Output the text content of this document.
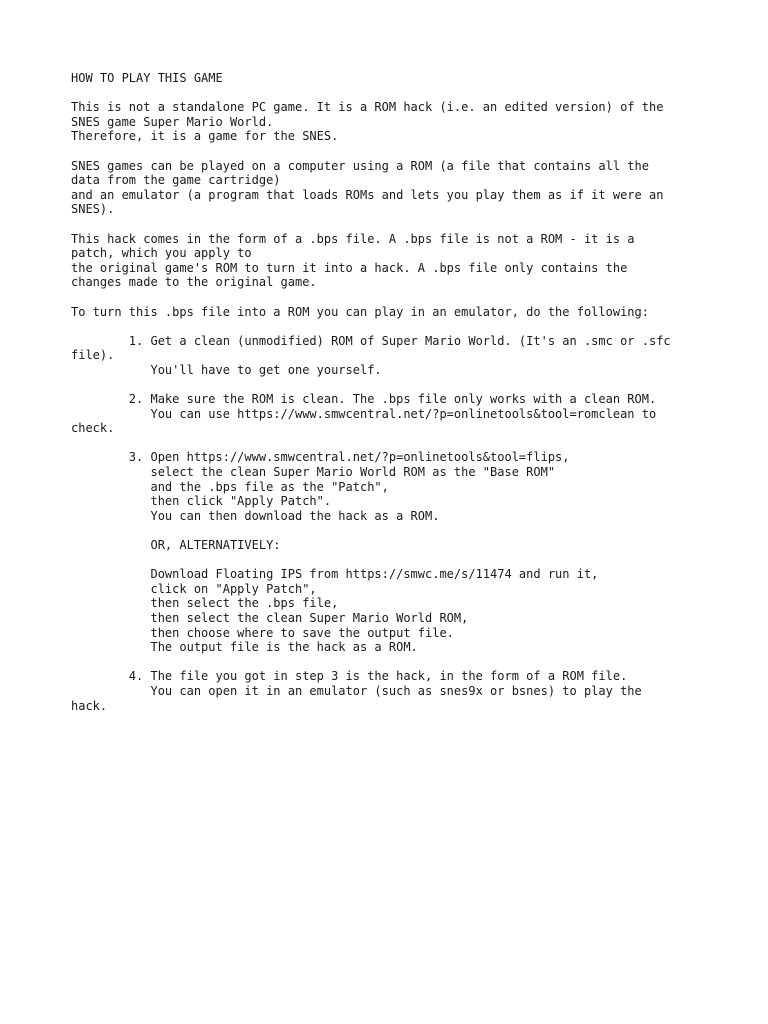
HOW TO PLAY THIS GAME
This is not a standalone PC game. It is a ROM hack (i.e. an edited version) of the
SNES game Super Mario World.
Therefore, it is a game for the SNES.
SNES games can be played on a computer using a ROM (a file that contains all the
data from the game cartridge)
and an emulator (a program that loads ROMs and lets you play them as if it were an
SNES).
This hack comes in the form of a .bps file. A .bps file is not a ROM - it is a
patch, which you apply to
the original game's ROM to turn it into a hack. A .bps file only contains the
changes made to the original game.
To turn this .bps file into a ROM you can play in an emulator, do the following:
1. Get a clean (unmodified) ROM of Super Mario World. (It's an .smc or .sfc
file).
You'll have to get one yourself.
2. Make sure the ROM is clean. The .bps file only works with a clean ROM.
You can use https://www.smwcentral.net/?p=onlinetools&tool=romclean to
check.
3. Open https://www.smwcentral.net/?p=onlinetools&tool=flips,
select the clean Super Mario World ROM as the "Base ROM"
and the .bps file as the "Patch",
then click "Apply Patch".
You can then download the hack as a ROM.
OR, ALTERNATIVELY:
Download Floating IPS from https://smwc.me/s/11474 and run it,
click on "Apply Patch",
then select the .bps file,
then select the clean Super Mario World ROM,
then choose where to save the output file.
The output file is the hack as a ROM.
4. The file you got in step 3 is the hack, in the form of a ROM file.
You can open it in an emulator (such as snes9x or bsnes) to play the
hack.
